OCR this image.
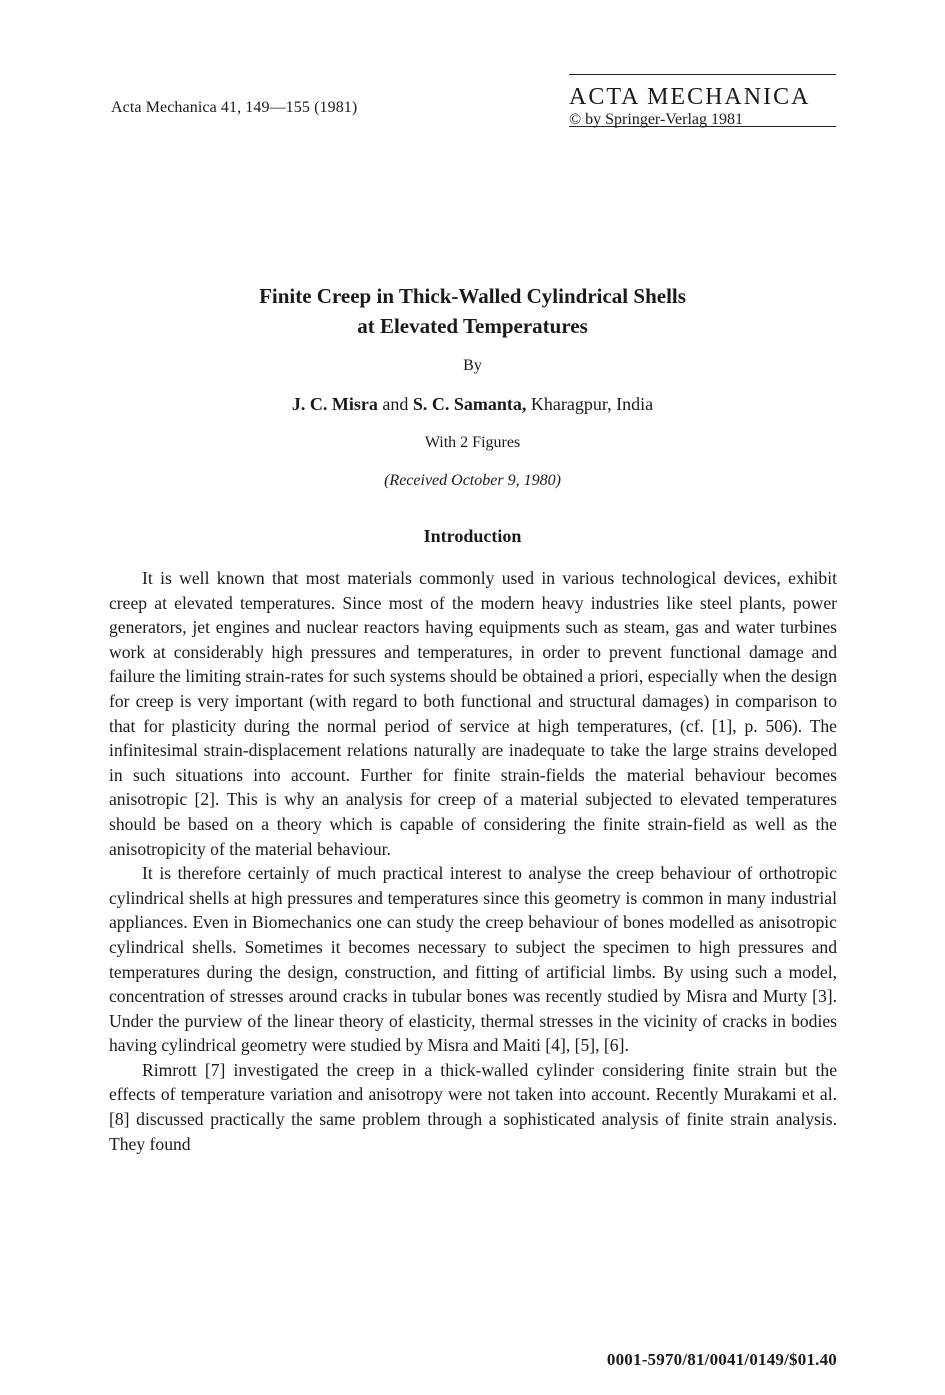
Acta Mechanica 41, 149—155 (1981)	ACTA MECHANICA
© by Springer-Verlag 1981
Finite Creep in Thick-Walled Cylindrical Shells
at Elevated Temperatures
By
J. C. Misra and S. C. Samanta, Kharagpur, India
With 2 Figures
(Received October 9, 1980)
Introduction

It is well known that most materials commonly used in various technological devices, exhibit creep at elevated temperatures. Since most of the modern heavy industries like steel plants, power generators, jet engines and nuclear reactors having equipments such as steam, gas and water turbines work at considerably high pressures and temperatures, in order to prevent functional damage and failure the limiting strain-rates for such systems should be obtained a priori, especially when the design for creep is very important (with regard to both functional and structural damages) in comparison to that for plasticity during the normal period of service at high temperatures, (cf. [1], p. 506). The infinitesimal strain-displacement relations naturally are inadequate to take the large strains developed in such situations into account. Further for finite strain-fields the material behaviour becomes anisotropic [2]. This is why an analysis for creep of a material subjected to elevated temperatures should be based on a theory which is capable of considering the finite strain-field as well as the anisotropicity of the material behaviour.

It is therefore certainly of much practical interest to analyse the creep behaviour of orthotropic cylindrical shells at high pressures and temperatures since this geometry is common in many industrial appliances. Even in Biomechanics one can study the creep behaviour of bones modelled as anisotropic cylindrical shells. Sometimes it becomes necessary to subject the specimen to high pressures and temperatures during the design, construction, and fitting of artificial limbs. By using such a model, concentration of stresses around cracks in tubular bones was recently studied by Misra and Murty [3]. Under the purview of the linear theory of elasticity, thermal stresses in the vicinity of cracks in bodies having cylindrical geometry were studied by Misra and Maiti [4], [5], [6].

Rimrott [7] investigated the creep in a thick-walled cylinder considering finite strain but the effects of temperature variation and anisotropy were not taken into account. Recently Murakami et al. [8] discussed practically the same problem through a sophisticated analysis of finite strain analysis. They found

0001-5970/81/0041/0149/$01.40
